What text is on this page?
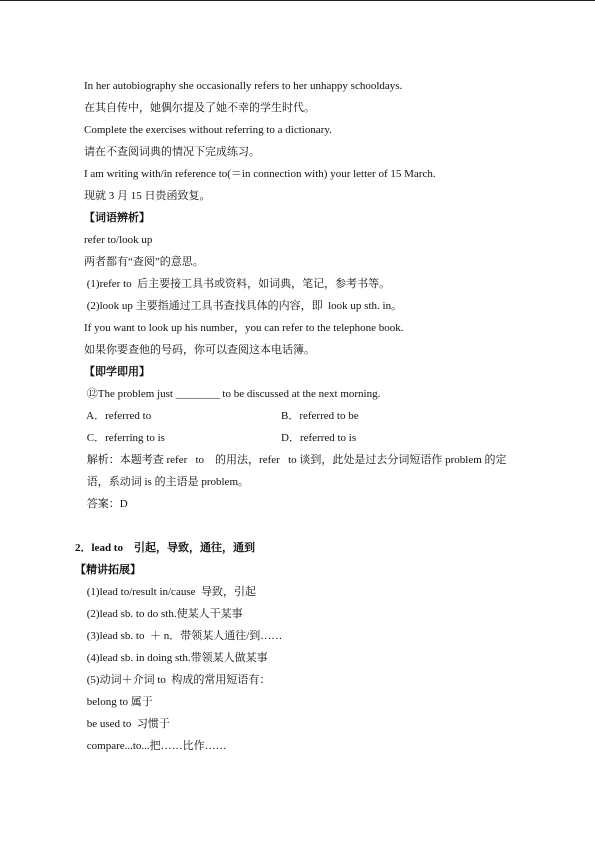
In her autobiography she occasionally refers to her unhappy schooldays.
在其自传中，她偶尔提及了她不幸的学生时代。
Complete the exercises without referring to a dictionary.
请在不查阅词典的情况下完成练习。
I am writing with/in reference to(＝in connection with) your letter of 15 March.
现就 3 月 15 日贵函致复。
【词语辨析】
refer to/look up
两者都有“查阅”的意思。
(1)refer to  后主要接工具书或资料，如词典，笔记，参考书等。
(2)look up 主要指通过工具书查找具体的内容，即  look up sth. in。
If you want to look up his number，you can refer to the telephone book.
如果你要查他的号码，你可以查阅这本电话簿。
【即学即用】
⑫The problem just ________ to be discussed at the next morning.
A．referred to	B．referred to be
C．referring to is	D．referred to is
解析：本题考查 refer   to    的用法，refer   to 谈到，此处是过去分词短语作 problem 的定
语，系动词 is 的主语是 problem。
答案：D
2．lead to    引起，导致，通往，通到
【精讲拓展】
(1)lead to/result in/cause  导致，引起
(2)lead sb. to do sth.使某人干某事
(3)lead sb. to  ＋ n．带领某人通往/到……
(4)lead sb. in doing sth.带领某人做某事
(5)动词＋介词 to  构成的常用短语有：
belong to 属于
be used to  习惯于
compare...to...把……比作……
